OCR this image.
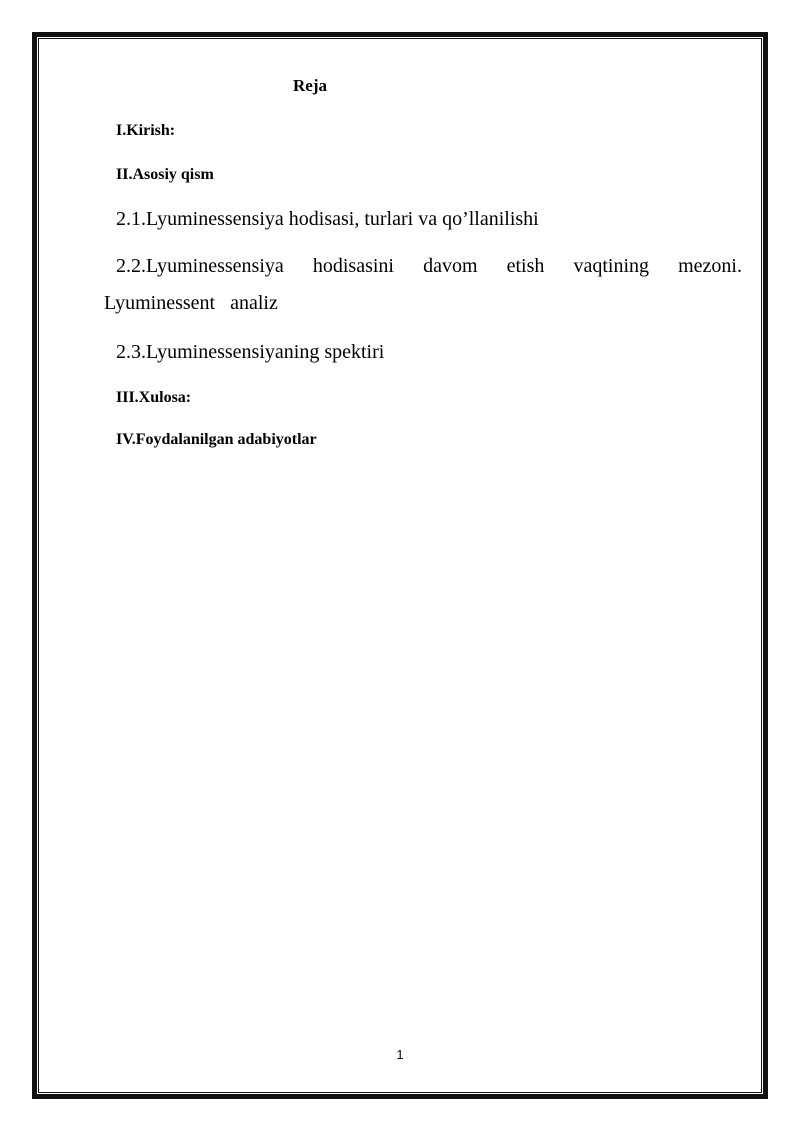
Reja
I.Kirish:
II.Asosiy qism
2.1.Lyuminessensiya hodisasi, turlari va qo’llanilishi
2.2.Lyuminessensiya hodisasini davom etish vaqtining mezoni.
Lyuminessent   analiz
2.3.Lyuminessensiyaning spektiri
III.Xulosa:
IV.Foydalanilgan adabiyotlar
1
